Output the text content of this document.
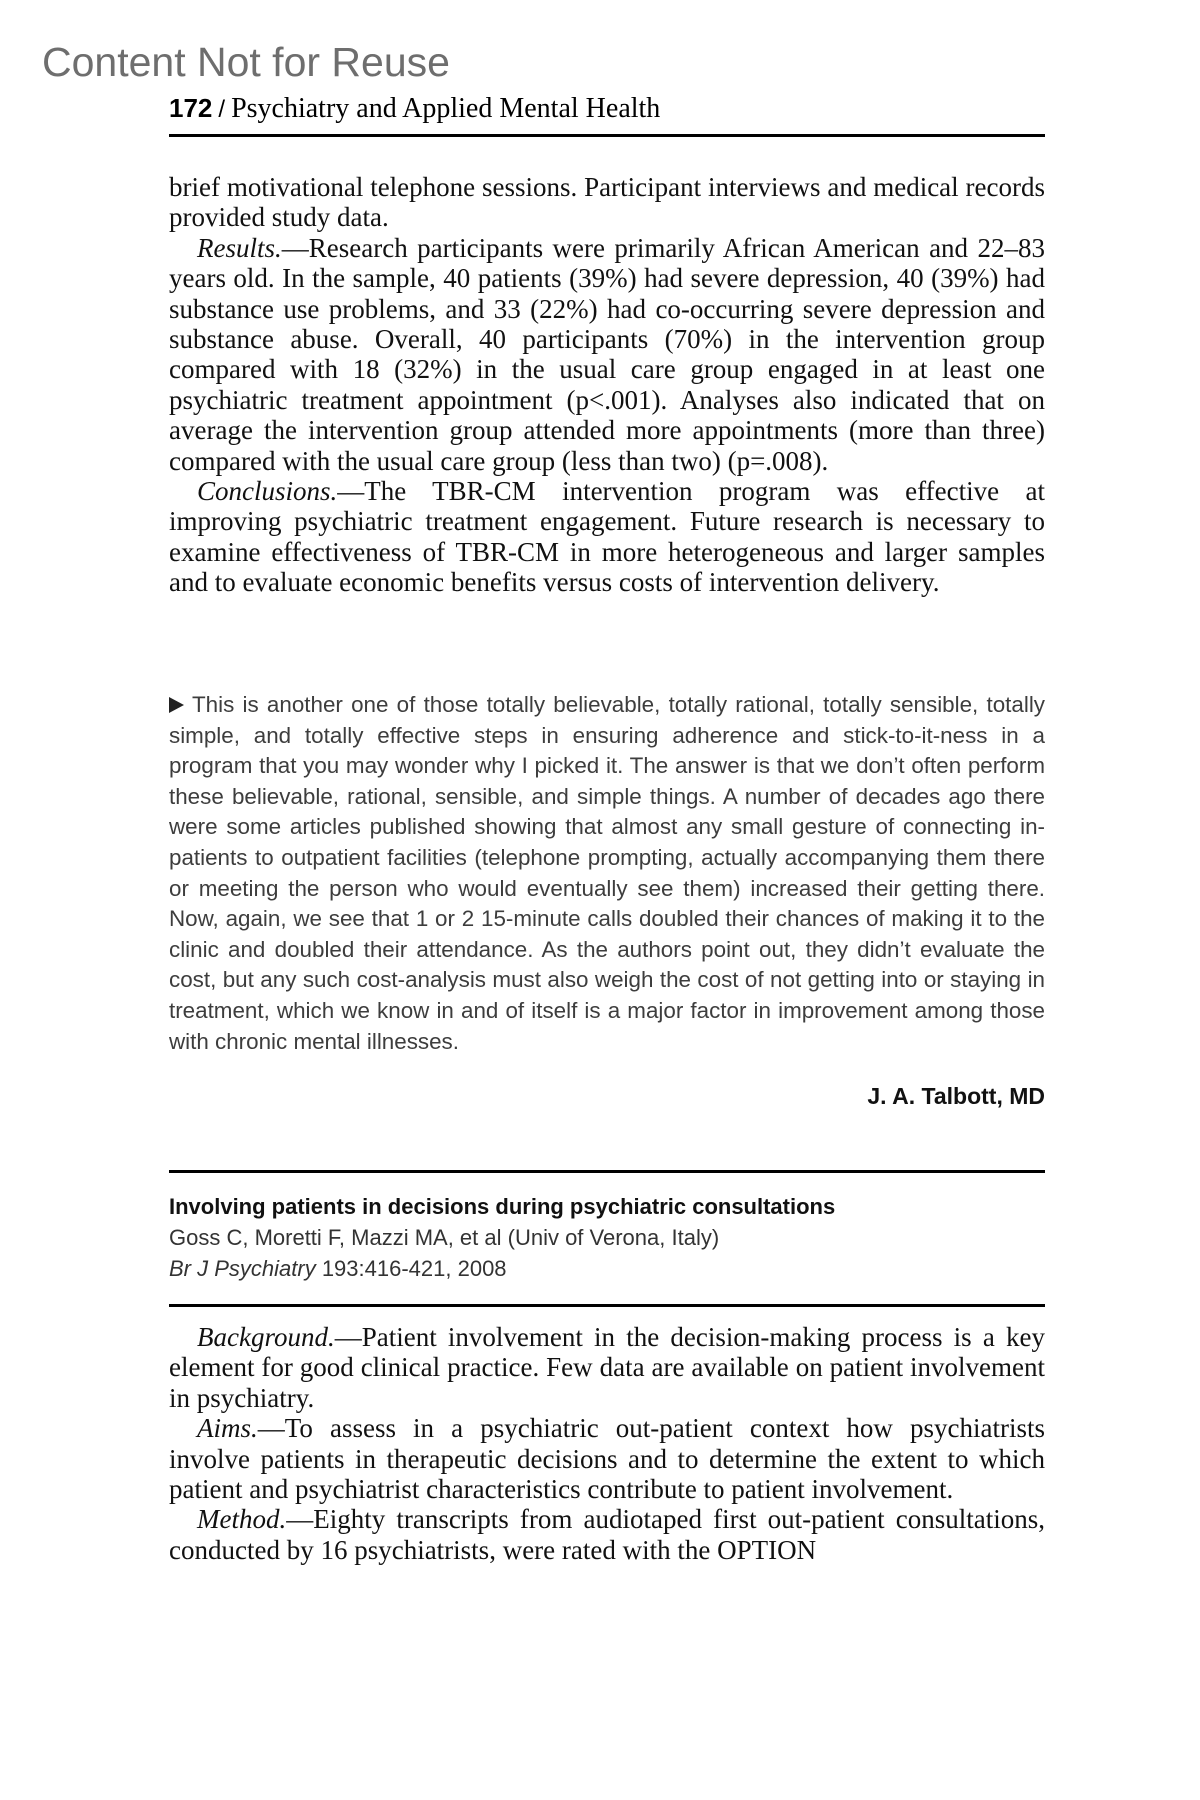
Content Not for Reuse
172 / Psychiatry and Applied Mental Health

brief motivational telephone sessions. Participant interviews and medical records provided study data.

Results.—Research participants were primarily African American and 22–83 years old. In the sample, 40 patients (39%) had severe depression, 40 (39%) had substance use problems, and 33 (22%) had co-occurring severe depression and substance abuse. Overall, 40 participants (70%) in the intervention group compared with 18 (32%) in the usual care group engaged in at least one psychiatric treatment appointment (p<.001). Analyses also indicated that on average the intervention group attended more appointments (more than three) compared with the usual care group (less than two) (p=.008).

Conclusions.—The TBR-CM intervention program was effective at improving psychiatric treatment engagement. Future research is necessary to examine effectiveness of TBR-CM in more heterogeneous and larger samples and to evaluate economic benefits versus costs of intervention delivery.

This is another one of those totally believable, totally rational, totally sensible, totally simple, and totally effective steps in ensuring adherence and stick-to-it-ness in a program that you may wonder why I picked it. The answer is that we don’t often perform these believable, rational, sensible, and simple things. A number of decades ago there were some articles published showing that almost any small gesture of connecting in-patients to outpatient facilities (telephone prompting, actually accompanying them there or meeting the person who would eventually see them) increased their getting there. Now, again, we see that 1 or 2 15-minute calls doubled their chances of making it to the clinic and doubled their attendance. As the authors point out, they didn’t evaluate the cost, but any such cost-analysis must also weigh the cost of not getting into or staying in treatment, which we know in and of itself is a major factor in improvement among those with chronic mental illnesses.

J. A. Talbott, MD
Involving patients in decisions during psychiatric consultations
Goss C, Moretti F, Mazzi MA, et al (Univ of Verona, Italy)
Br J Psychiatry 193:416-421, 2008

Background.—Patient involvement in the decision-making process is a key element for good clinical practice. Few data are available on patient involvement in psychiatry.

Aims.—To assess in a psychiatric out-patient context how psychiatrists involve patients in therapeutic decisions and to determine the extent to which patient and psychiatrist characteristics contribute to patient involvement.

Method.—Eighty transcripts from audiotaped first out-patient consultations, conducted by 16 psychiatrists, were rated with the OPTION
